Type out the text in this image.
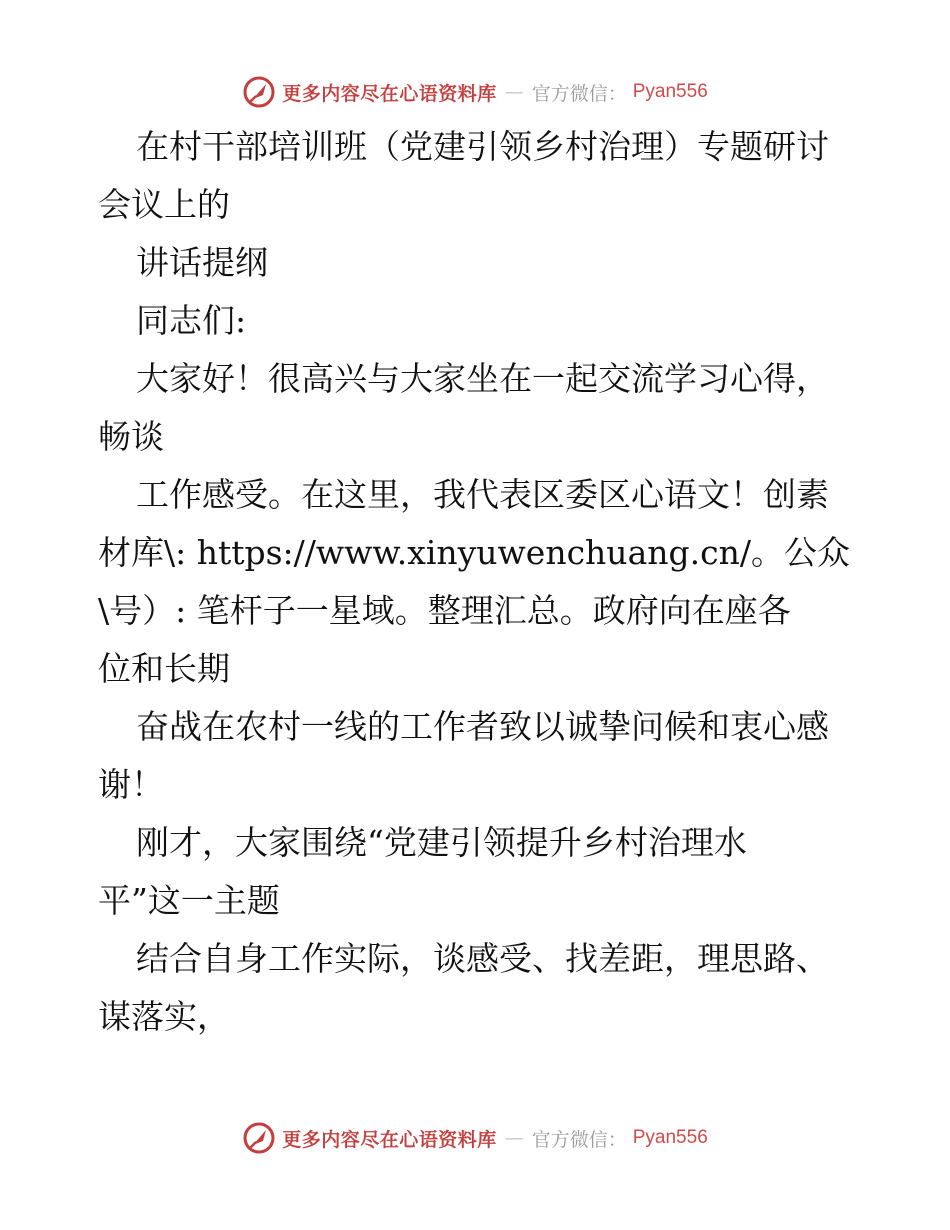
更多内容尽在心语资料库 — 官方微信： Pyan556

在村干部培训班（党建引领乡村治理）专题研讨
会议上的

讲话提纲

同志们:

大家好！很高兴与大家坐在一起交流学习心得，
畅谈

工作感受。在这里，我代表区委区心语文！创素
材库\: https://www.xinyuwenchuang.cn/。公众
\号）: 笔杆子一星域。整理汇总。政府向在座各
位和长期

奋战在农村一线的工作者致以诚挚问候和衷心感
谢！

刚才，大家围绕“党建引领提升乡村治理水
平”这一主题

结合自身工作实际，谈感受、找差距，理思路、
谋落实，

更多内容尽在心语资料库 — 官方微信： Pyan556
